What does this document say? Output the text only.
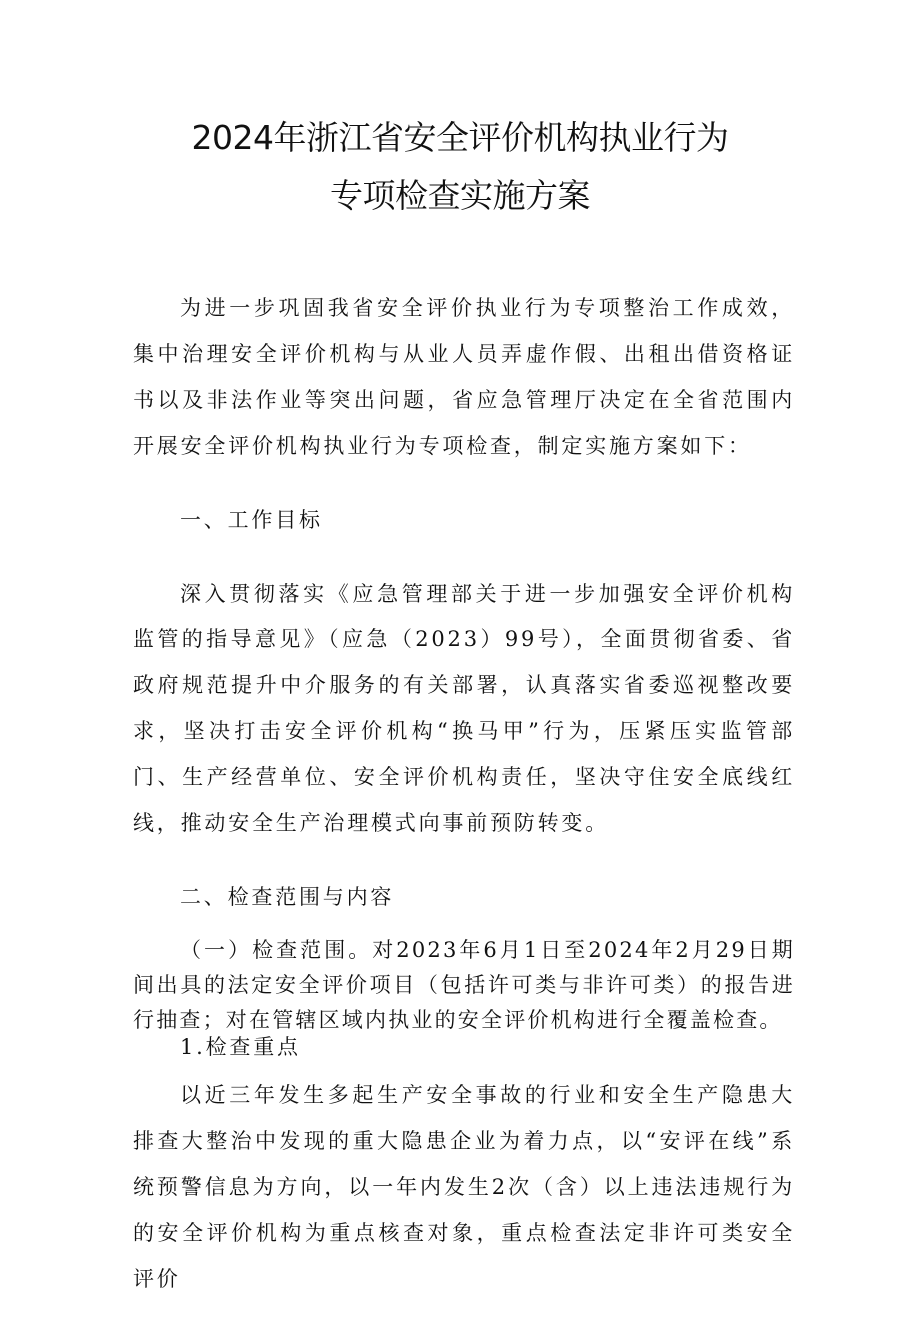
2024年浙江省安全评价机构执业行为
专项检查实施方案

为进一步巩固我省安全评价执业行为专项整治工作成效，集中治理安全评价机构与从业人员弄虚作假、出租出借资格证书以及非法作业等突出问题，省应急管理厅决定在全省范围内开展安全评价机构执业行为专项检查，制定实施方案如下：

一、工作目标

深入贯彻落实《应急管理部关于进一步加强安全评价机构监管的指导意见》（应急（2023）99号），全面贯彻省委、省政府规范提升中介服务的有关部署，认真落实省委巡视整改要求，坚决打击安全评价机构“换马甲”行为，压紧压实监管部门、生产经营单位、安全评价机构责任，坚决守住安全底线红线，推动安全生产治理模式向事前预防转变。

二、检查范围与内容

（一）检查范围。对2023年6月1日至2024年2月29日期间出具的法定安全评价项目（包括许可类与非许可类）的报告进行抽查；对在管辖区域内执业的安全评价机构进行全覆盖检查。

1.检查重点

以近三年发生多起生产安全事故的行业和安全生产隐患大排查大整治中发现的重大隐患企业为着力点，以“安评在线”系统预警信息为方向，以一年内发生2次（含）以上违法违规行为的安全评价机构为重点核查对象，重点检查法定非许可类安全评价
